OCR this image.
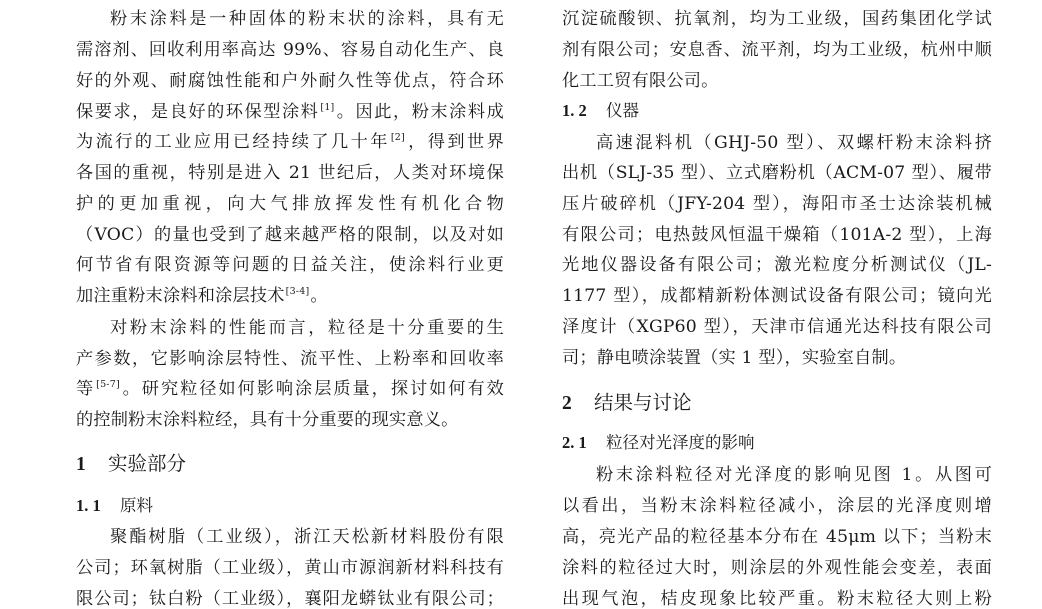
粉末涂料是一种固体的粉末状的涂料，具有无
需溶剂、回收利用率高达 99%、容易自动化生产、良
好的外观、耐腐蚀性能和户外耐久性等优点，符合环
保要求，是良好的环保型涂料[1]。因此，粉末涂料成
为流行的工业应用已经持续了几十年[2]，得到世界
各国的重视，特别是进入 21 世纪后，人类对环境保
护的更加重视，向大气排放挥发性有机化合物
（VOC）的量也受到了越来越严格的限制，以及对如
何节省有限资源等问题的日益关注，使涂料行业更
加注重粉末涂料和涂层技术[3-4]。
对粉末涂料的性能而言，粒径是十分重要的生
产参数，它影响涂层特性、流平性、上粉率和回收率
等[5-7]。研究粒径如何影响涂层质量，探讨如何有效
的控制粉末涂料粒经，具有十分重要的现实意义。
1 实验部分
1. 1 原料
聚酯树脂（工业级），浙江天松新材料股份有限
公司；环氧树脂（工业级），黄山市源润新材料科技有
限公司；钛白粉（工业级），襄阳龙蟒钛业有限公司；
沉淀硫酸钡、抗氧剂，均为工业级，国药集团化学试
剂有限公司；安息香、流平剂，均为工业级，杭州中顺
化工工贸有限公司。
1. 2 仪器
高速混料机（GHJ-50 型）、双螺杆粉末涂料挤
出机（SLJ-35 型）、立式磨粉机（ACM-07 型）、履带
压片破碎机（JFY-204 型），海阳市圣士达涂装机械
有限公司；电热鼓风恒温干燥箱（101A-2 型），上海
光地仪器设备有限公司；激光粒度分析测试仪（JL-
1177 型），成都精新粉体测试设备有限公司；镜向光
泽度计（XGP60 型），天津市信通光达科技有限公司
司；静电喷涂装置（实 1 型），实验室自制。
2 结果与讨论
2. 1 粒径对光泽度的影响
粉末涂料粒径对光泽度的影响见图 1。从图可
以看出，当粉末涂料粒径减小，涂层的光泽度则增
高，亮光产品的粒径基本分布在 45μm 以下；当粉末
涂料的粒径过大时，则涂层的外观性能会变差，表面
出现气泡，桔皮现象比较严重。粉末粒径大则上粉
